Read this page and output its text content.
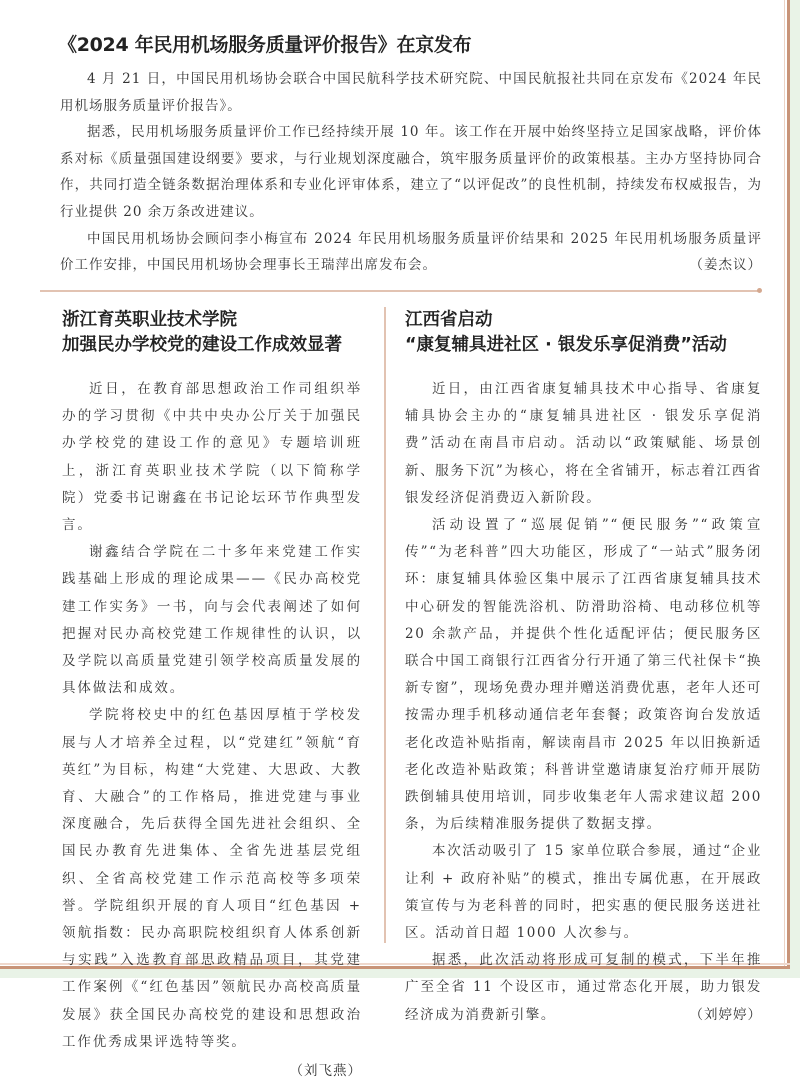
《2024 年民用机场服务质量评价报告》在京发布

4 月 21 日，中国民用机场协会联合中国民航科学技术研究院、中国民航报社共同在京发布《2024 年民用机场服务质量评价报告》。

据悉，民用机场服务质量评价工作已经持续开展 10 年。该工作在开展中始终坚持立足国家战略，评价体系对标《质量强国建设纲要》要求，与行业规划深度融合，筑牢服务质量评价的政策根基。主办方坚持协同合作，共同打造全链条数据治理体系和专业化评审体系，建立了“以评促改”的良性机制，持续发布权威报告，为行业提供 20 余万条改进建议。

中国民用机场协会顾问李小梅宣布 2024 年民用机场服务质量评价结果和 2025 年民用机场服务质量评价工作安排，中国民用机场协会理事长王瑞萍出席发布会。	（姜杰议）

浙江育英职业技术学院
加强民办学校党的建设工作成效显著

近日，在教育部思想政治工作司组织举办的学习贯彻《中共中央办公厅关于加强民办学校党的建设工作的意见》专题培训班上，浙江育英职业技术学院（以下简称学院）党委书记谢鑫在书记论坛环节作典型发言。

谢鑫结合学院在二十多年来党建工作实践基础上形成的理论成果——《民办高校党建工作实务》一书，向与会代表阐述了如何把握对民办高校党建工作规律性的认识，以及学院以高质量党建引领学校高质量发展的具体做法和成效。

学院将校史中的红色基因厚植于学校发展与人才培养全过程，以“党建红”领航“育英红”为目标，构建“大党建、大思政、大教育、大融合”的工作格局，推进党建与事业深度融合，先后获得全国先进社会组织、全国民办教育先进集体、全省先进基层党组织、全省高校党建工作示范高校等多项荣誉。学院组织开展的育人项目“红色基因 + 领航指数：民办高职院校组织育人体系创新与实践”入选教育部思政精品项目，其党建工作案例《“红色基因”领航民办高校高质量发展》获全国民办高校党的建设和思想政治工作优秀成果评选特等奖。

（刘飞燕）
江西省启动
“康复辅具进社区 · 银发乐享促消费”活动

近日，由江西省康复辅具技术中心指导、省康复辅具协会主办的“康复辅具进社区 · 银发乐享促消费”活动在南昌市启动。活动以“政策赋能、场景创新、服务下沉”为核心，将在全省铺开，标志着江西省银发经济促消费迈入新阶段。

活动设置了“巡展促销”“便民服务”“政策宣传”“为老科普”四大功能区，形成了“一站式”服务闭环：康复辅具体验区集中展示了江西省康复辅具技术中心研发的智能洗浴机、防滑助浴椅、电动移位机等 20 余款产品，并提供个性化适配评估；便民服务区联合中国工商银行江西省分行开通了第三代社保卡“换新专窗”，现场免费办理并赠送消费优惠，老年人还可按需办理手机移动通信老年套餐；政策咨询台发放适老化改造补贴指南，解读南昌市 2025 年以旧换新适老化改造补贴政策；科普讲堂邀请康复治疗师开展防跌倒辅具使用培训，同步收集老年人需求建议超 200 条，为后续精准服务提供了数据支撑。

本次活动吸引了 15 家单位联合参展，通过“企业让利 + 政府补贴”的模式，推出专属优惠，在开展政策宣传与为老科普的同时，把实惠的便民服务送进社区。活动首日超 1000 人次参与。

据悉，此次活动将形成可复制的模式，下半年推广至全省 11 个设区市，通过常态化开展，助力银发经济成为消费新引擎。	（刘婷婷）
